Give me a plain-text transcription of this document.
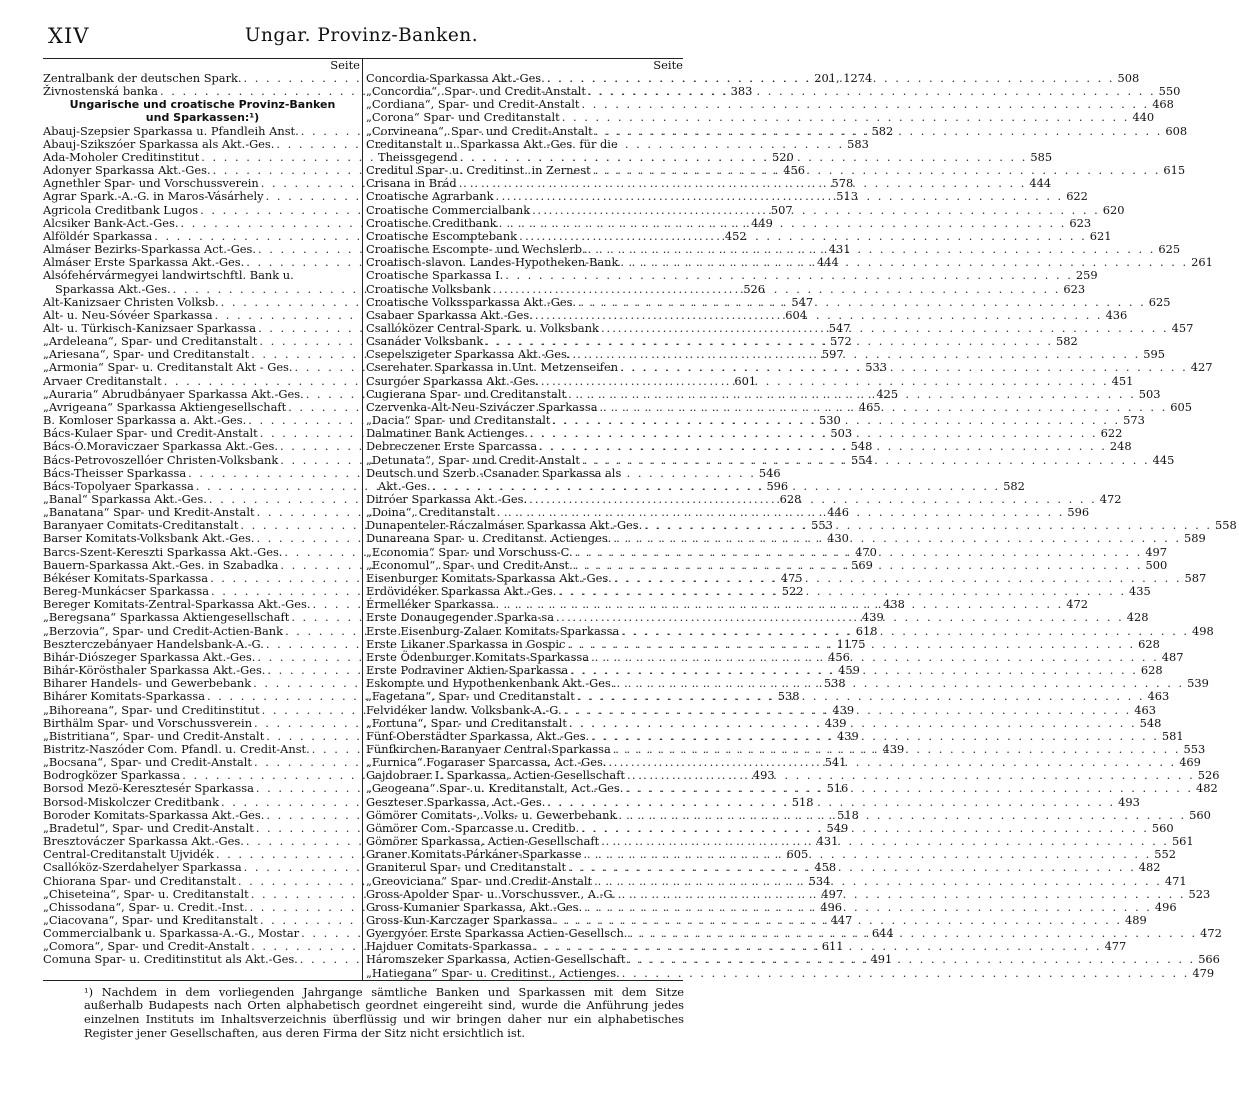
XIV	Ungar. Provinz-Banken.
Seite
Zentralbank der deutschen Spark. . . .	201, 1274
Živnostenská banka . . .	383
Ungarische und croatische Provinz-Banken
und Sparkassen:¹)
Abauj-Szepsier Sparkassa u. Pfandleih Anst. . . .	582
Abauj-Szikszóer Sparkassa als Akt.-Ges. . . .	583
Ada-Moholer Creditinstitut . . .	520
Adonyer Sparkassa Akt.-Ges. . . .	456
Agnethler Spar- und Vorschussverein . . .	578
Agrar Spark.-A.-G. in Maros-Vásárhely . . .	513
Agricola Creditbank Lugos . . .	507
Alcsiker Bank-Act.-Ges. . . .	449
Alföldér Sparkassa . . .	452
Almáser Bezirks-Sparkassa Act.-Ges. . . .	431
Almáser Erste Sparkassa Akt.-Ges. . . .	444
Alsófehérvármegyei landwirtschftl. Bank u.
Sparkassa Akt.-Ges. . . .	526
Alt-Kanizsaer Christen Volksb. . . .	547
Alt- u. Neu-Sóvéer Sparkassa . . .	604
Alt- u. Türkisch-Kanizsaer Sparkassa . . .	547
„Ardeleana“, Spar- und Creditanstalt . . .	572
„Ariesana“, Spar- und Creditanstalt . . .	597
„Armonia“ Spar- u. Creditanstalt Akt - Ges. . . .	533
Arvaer Creditanstalt . . .	601
„Auraria“ Abrudbányaer Sparkassa Akt.-Ges. . . .	425
„Avrigeana“ Sparkassa Aktiengesellschaft . . .	465
B. Komloser Sparkassa a. Akt.-Ges. . . .	530
Bács-Kulaer Spar- und Credit-Anstalt . . .	503
Bács-Ó.Moraviczaer Sparkassa Akt.-Ges. . . .	548
Bács-Petrovoszellóer Christen-Volksbank . . .	554
Bács-Theisser Sparkassa . . .	546
Bács-Topolyaer Sparkassa . . .	596
„Banal“ Sparkassa Akt.-Ges. . . .	628
„Banatana“ Spar- und Kredit-Anstalt . . .	446
Baranyaer Comitats-Creditanstalt . . .	553
Barser Komitats-Volksbank Akt.-Ges. . . .	430
Barcs-Szent-Kereszti Sparkassa Akt.-Ges. . . .	470
Bauern-Sparkassa Akt.-Ges. in Szabadka . . .	569
Békéser Komitats-Sparkassa . . .	475
Bereg-Munkácser Sparkassa . . .	522
Bereger Komitats-Zentral-Sparkassa Akt.-Ges. . . .	438
„Beregsana“ Sparkassa Aktiengesellschaft . . .	439
„Berzovia“, Spar- und Credit-Actien-Bank . . .	618
Beszterczebányaer Handelsbank-A.-G. . . .	1175
Bihár-Diószeger Sparkassa Akt.-Ges. . . .	456
Bihár-Körösthaler Sparkassa Akt.-Ges. . . .	459
Biharer Handels- und Gewerbebank . . .	538
Bihárer Komitats-Sparkassa . . .	538
„Bihoreana“, Spar- und Creditinstitut . . .	439
Birthälm Spar- und Vorschussverein . . .	439
„Bistritiana“, Spar- und Credit-Anstalt . . .	439
Bistritz-Naszóder Com. Pfandl. u. Credit-Anst. . . .	439
„Bocsana“, Spar- und Credit-Anstalt . . .	541
Bodrogközer Sparkassa . . .	493
Borsod Mezö-Keresztesér Sparkassa . . .	516
Borsod-Miskolczer Creditbank . . .	518
Boroder Komitats-Sparkassa Akt.-Ges. . . .	518
„Bradetul“, Spar- und Credit-Anstalt . . .	549
Bresztováczer Sparkassa Akt.-Ges. . . .	431
Central-Creditanstalt Ujvidék . . .	605
Csallóköz-Szerdahelyer Sparkassa . . .	458
Chiorana Spar- und Creditanstalt . . .	534
„Chiseteina“, Spar- u. Creditanstalt . . .	497
„Chissodana“, Spar- u. Credit.-Inst. . . .	496
„Ciacovana“, Spar- und Kreditanstalt . . .	447
Commercialbank u. Sparkassa-A.-G., Mostar . . .	644
„Comora“, Spar- und Credit-Anstalt . . .	611
Comuna Spar- u. Creditinstitut als Akt.-Ges. . . .	491
Seite
Concordia-Sparkassa Akt.-Ges. . . .	508
„Concordia“, Spar- und Credit-Anstalt . . .	550
„Cordiana“, Spar- und Credit-Anstalt . . .	468
„Corona“ Spar- und Creditanstalt . . .	440
„Corvineana“, Spar- und Credit-Anstalt . . .	608
Creditanstalt u. Sparkassa Akt.-Ges. für die
Theissgegend . . .	585
Creditul Spar- u. Creditinst. in Zernest . . .	615
Crisana in Brád . . .	444
Croatische Agrarbank . . .	622
Croatische Commercialbank . . .	620
Croatische Creditbank . . .	623
Croatische Escomptebank . . .	621
Croatische Escompte- und Wechslerb. . . .	625
Croatisch-slavon. Landes-Hypotheken-Bank . . .	261
Croatische Sparkassa I. . . .	259
Croatische Volksbank . . .	623
Croatische Volkssparkassa Akt.-Ges. . . .	625
Csabaer Sparkassa Akt.-Ges. . . .	436
Csallóközer Central-Spark. u. Volksbank . . .	457
Csanáder Volksbank . . .	582
Csepelszigeter Sparkassa Akt.-Ges. . . .	595
Cserehater Sparkassa in Unt. Metzenseifen . . .	427
Csurgóer Sparkassa Akt.-Ges. . . .	451
Cugierana Spar- und Creditanstalt . . .	503
Czervenka-Alt-Neu-Sziváczer Sparkassa . . .	605
„Dacia“ Spar- und Creditanstalt . . .	573
Dalmatiner Bank Actienges. . . .	622
Debreczener Erste Sparcassa . . .	248
„Detunata“, Spar- und Credit-Anstalt . . .	445
Deutsch und Szerb.-Csanader Sparkassa als
Akt.-Ges. . . .	582
Ditróer Sparkassa Akt.-Ges. . . .	472
„Doina“, Creditanstalt . . .	596
Dunapenteler-Ráczalmáser Sparkassa Akt.-Ges. . . .	558
Dunareana Spar- u. Creditanst. Actienges. . . .	589
„Economia“ Spar- und Vorschuss-C. . . .	497
„Economul“, Spar- und Credit-Anst. . . .	500
Eisenburger Komitats-Sparkassa Akt.-Ges. . . .	587
Erdövidéker Sparkassa Akt.-Ges. . . .	435
Érmelléker Sparkassa . . .	472
Erste Donaugegender Sparka-sa . . .	428
Erste Eisenburg-Zalaer Komitats-Sparkassa . . .	498
Erste Likaner Sparkassa in Gospic . . .	628
Erste Ödenburger Komitats-Sparkassa . . .	487
Erste Podraviner Aktien-Sparkassa . . .	628
Eskompte und Hypothenkenbank Akt.-Ges. . . .	539
„Fagetana“, Spar- und Creditanstalt . . .	463
Felvidéker landw. Volksbank-A.-G. . . .	463
„Fortuna“, Spar- und Creditanstalt . . .	548
Fünf-Oberstädter Sparkassa, Akt.-Ges. . . .	581
Fünfkirchen-Baranyaer Central-Sparkassa . . .	553
„Furnica“ Fogaraser Sparcassa, Act.-Ges. . . .	469
Gajdobraer I. Sparkassa, Actien-Gesellschaft . . .	526
„Geogeana“ Spar- u. Kreditanstalt, Act.-Ges. . . .	482
Geszteser Sparkassa, Act.-Ges. . . .	493
Gömörer Comitats-, Volks- u. Gewerbebank . . .	560
Gömörer Com.-Sparcasse u. Creditb. . . .	560
Gömörer Sparkassa, Actien-Gesellschaft . . .	561
Graner Komitats-Párkáner-Sparkasse . . .	552
Graniterul Spar- und Creditanstalt . . .	482
„Greoviciana“ Spar- und Credit-Anstalt . . .	471
Gross-Apolder Spar- u. Vorschussver., A.-G. . . .	523
Gross-Kumanier Sparkassa, Akt.-Ges. . . .	496
Gross-Kun-Karczager Sparkassa . . .	489
Gyergyóer Erste Sparkassa Actien-Gesellsch. . . .	472
Hajduer Comitats-Sparkassa . . .	477
Háromszeker Sparkassa, Actien-Gesellschaft . . .	566
„Hatiegana“ Spar- u. Creditinst., Actienges. . . .	479
¹) Nachdem in dem vorliegenden Jahrgange sämtliche Banken und Sparkassen mit dem Sitze außerhalb Budapests nach Orten alphabetisch geordnet eingereiht sind, wurde die Anführung jedes einzelnen Instituts im Inhaltsverzeichnis überflüssig und wir bringen daher nur ein alphabetisches Register jener Gesellschaften, aus deren Firma der Sitz nicht ersichtlich ist.
